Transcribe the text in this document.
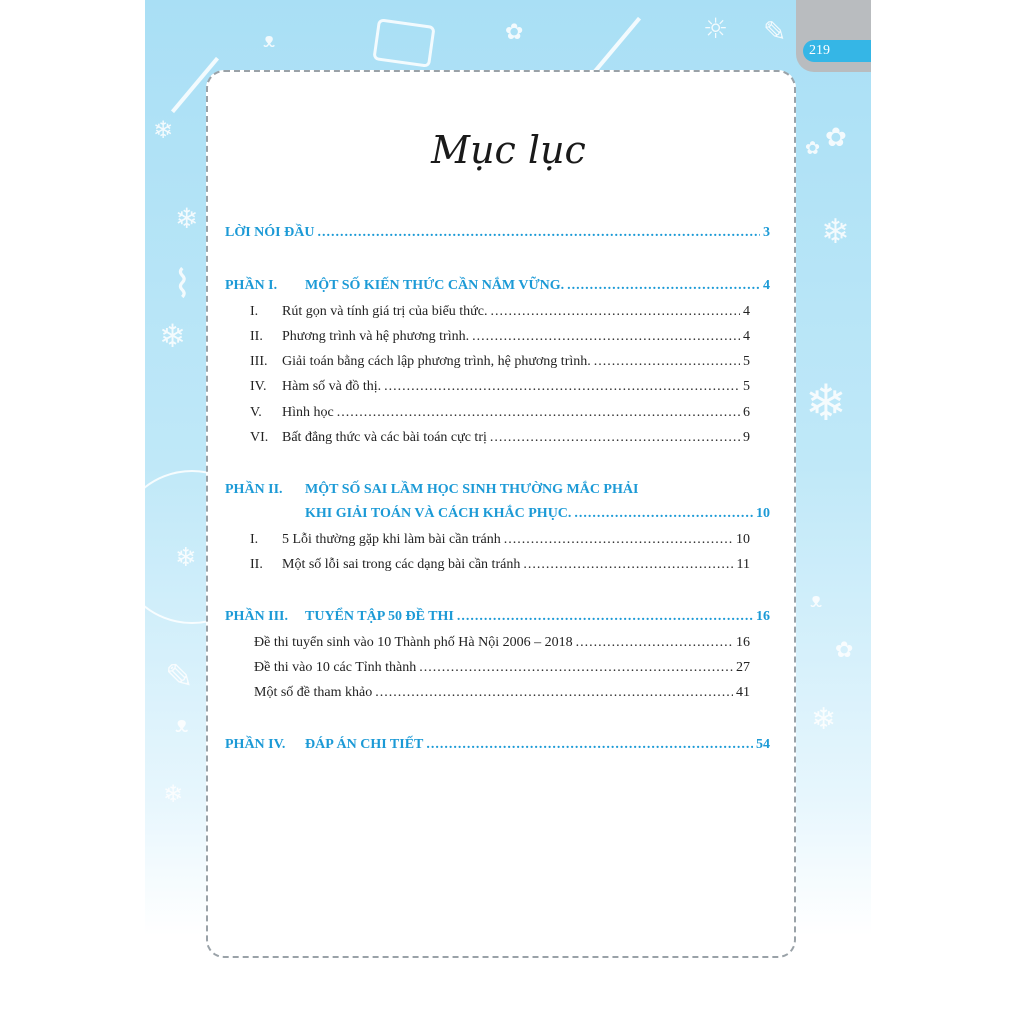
❄
❄
❄
❄
❄
❄
❄
❄
ᴥ
ᴥ
ᴥ
✿
✿
✿
✿
☼ ✎
✎
⌇
219
Mục lục
LỜI NÓI ĐẦU .....	3
PHẦN I.	MỘT SỐ KIẾN THỨC CẦN NẮM VỮNG. .....	4
I.	Rút gọn và tính giá trị của biểu thức. .....	4
II.	Phương trình và hệ phương trình. .....	4
III.	Giải toán bằng cách lập phương trình, hệ phương trình. .....	5
IV.	Hàm số và đồ thị. .....	5
V.	Hình học .....	6
VI. Bất đẳng thức và các bài toán cực trị .....	9
PHẦN II.	MỘT SỐ SAI LẦM HỌC SINH THƯỜNG MẮC PHẢI
KHI GIẢI TOÁN VÀ CÁCH KHẮC PHỤC. .....	10
I.	5 Lỗi thường gặp khi làm bài cần tránh .....	10
II.	Một số lỗi sai trong các dạng bài cần tránh .....	11
PHẦN III.	TUYỂN TẬP 50 ĐỀ THI .....	16
Đề thi tuyển sinh vào 10 Thành phố Hà Nội 2006 – 2018 .....	16
Đề thi vào 10 các Tỉnh thành .....	27
Một số đề tham khảo .....	41
PHẦN IV.	ĐÁP ÁN CHI TIẾT .....	54
